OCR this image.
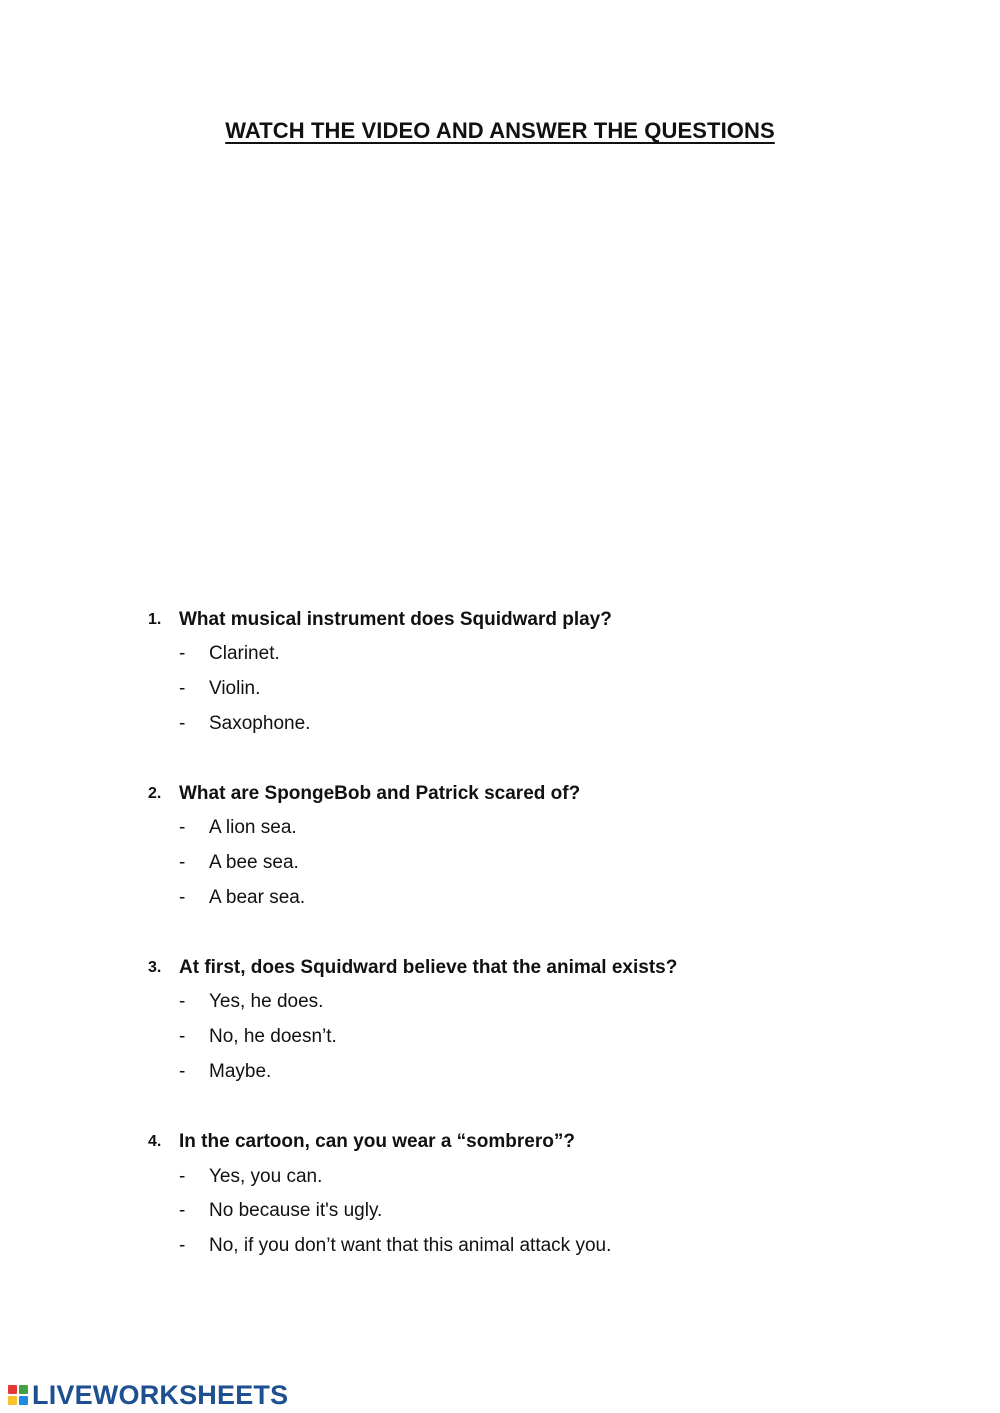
WATCH THE VIDEO AND ANSWER THE QUESTIONS
1. What musical instrument does Squidward play?
-	Clarinet.
-	Violin.
-	Saxophone.
2. What are SpongeBob and Patrick scared of?
-	A lion sea.
-	A bee sea.
-	A bear sea.
3. At first, does Squidward believe that the animal exists?
-	Yes, he does.
-	No, he doesn’t.
-	Maybe.
4. In the cartoon, can you wear a “sombrero”?
-	Yes, you can.
-	No because it's ugly.
-	No, if you don’t want that this animal attack you.
LIVEWORKSHEETS
